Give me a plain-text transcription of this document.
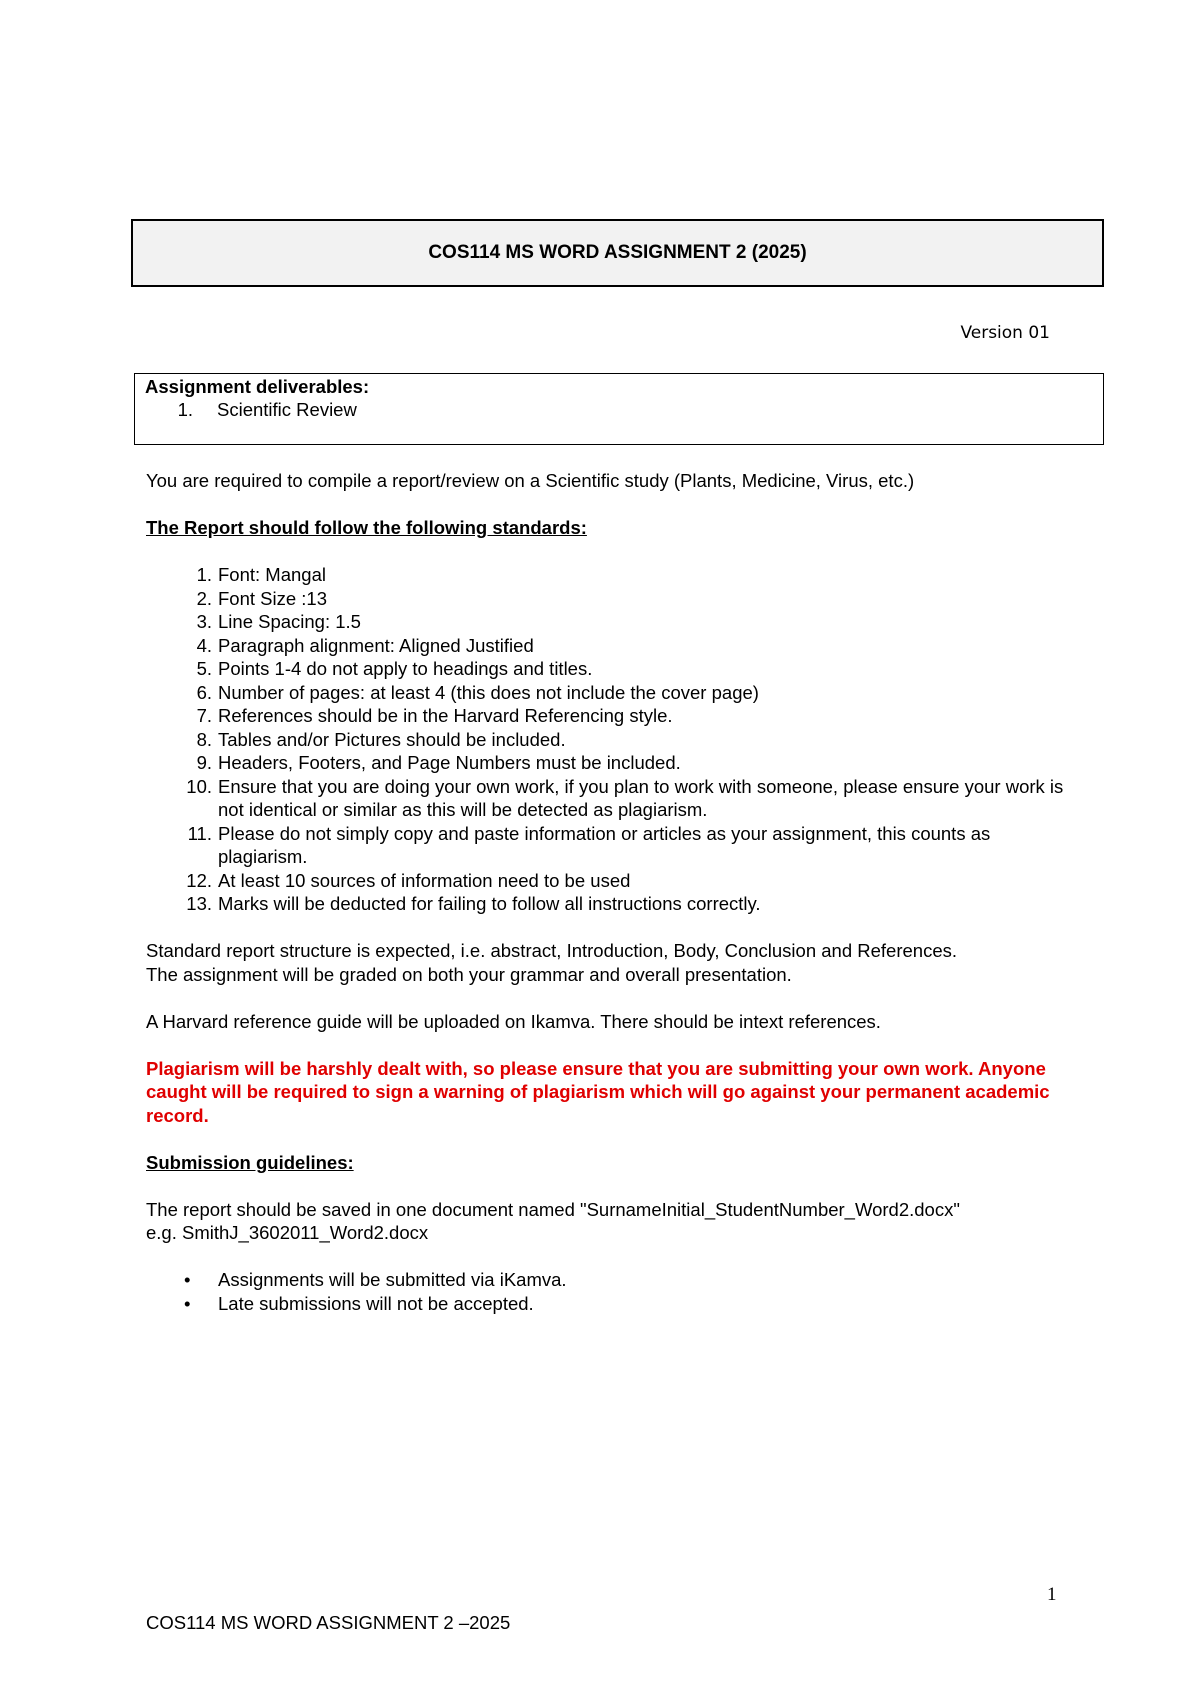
COS114 MS WORD ASSIGNMENT 2 (2025)
Version 01
Assignment deliverables:
1. Scientific Review

You are required to compile a report/review on a Scientific study (Plants, Medicine, Virus, etc.)

The Report should follow the following standards:

1. Font: Mangal
2. Font Size :13
3. Line Spacing: 1.5
4. Paragraph alignment: Aligned Justified
5. Points 1-4 do not apply to headings and titles.
6. Number of pages: at least 4 (this does not include the cover page)
7. References should be in the Harvard Referencing style.
8. Tables and/or Pictures should be included.
9. Headers, Footers, and Page Numbers must be included.
10. Ensure that you are doing your own work, if you plan to work with someone, please ensure your work is not identical or similar as this will be detected as plagiarism.
11. Please do not simply copy and paste information or articles as your assignment, this counts as plagiarism.
12. At least 10 sources of information need to be used
13. Marks will be deducted for failing to follow all instructions correctly.

Standard report structure is expected, i.e. abstract, Introduction, Body, Conclusion and References.

The assignment will be graded on both your grammar and overall presentation.

A Harvard reference guide will be uploaded on Ikamva. There should be intext references.

Plagiarism will be harshly dealt with, so please ensure that you are submitting your own work. Anyone caught will be required to sign a warning of plagiarism which will go against your permanent academic record.

Submission guidelines:

The report should be saved in one document named "SurnameInitial_StudentNumber_Word2.docx"

e.g. SmithJ_3602011_Word2.docx

• Assignments will be submitted via iKamva.
• Late submissions will not be accepted.
1
COS114 MS WORD ASSIGNMENT 2 –2025
